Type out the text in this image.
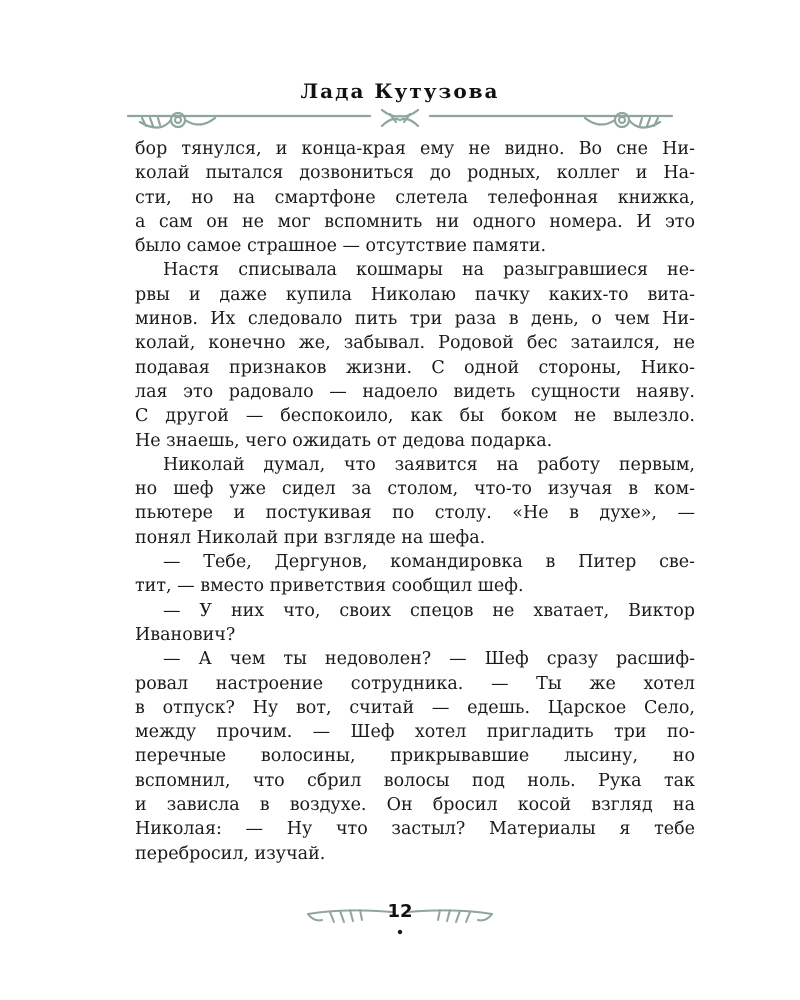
Лада Кутузова
бор тянулся, и конца-края ему не видно. Во сне Ни-
колай пытался дозвониться до родных, коллег и На-
сти, но на смартфоне слетела телефонная книжка,
а сам он не мог вспомнить ни одного номера. И это
было самое страшное — отсутствие памяти.
Настя списывала кошмары на разыгравшиеся не-
рвы и даже купила Николаю пачку каких-то вита-
минов. Их следовало пить три раза в день, о чем Ни-
колай, конечно же, забывал. Родовой бес затаился, не
подавая признаков жизни. С одной стороны, Нико-
лая это радовало — надоело видеть сущности наяву.
С другой — беспокоило, как бы боком не вылезло.
Не знаешь, чего ожидать от дедова подарка.
Николай думал, что заявится на работу первым,
но шеф уже сидел за столом, что-то изучая в ком-
пьютере и постукивая по столу. «Не в духе», —
понял Николай при взгляде на шефа.
— Тебе, Дергунов, командировка в Питер све-
тит, — вместо приветствия сообщил шеф.
— У них что, своих спецов не хватает, Виктор
Иванович?
— А чем ты недоволен? — Шеф сразу расшиф-
ровал настроение сотрудника. — Ты же хотел
в отпуск? Ну вот, считай — едешь. Царское Село,
между прочим. — Шеф хотел пригладить три по-
перечные волосины, прикрывавшие лысину, но
вспомнил, что сбрил волосы под ноль. Рука так
и зависла в воздухе. Он бросил косой взгляд на
Николая: — Ну что застыл? Материалы я тебе
перебросил, изучай.
12
